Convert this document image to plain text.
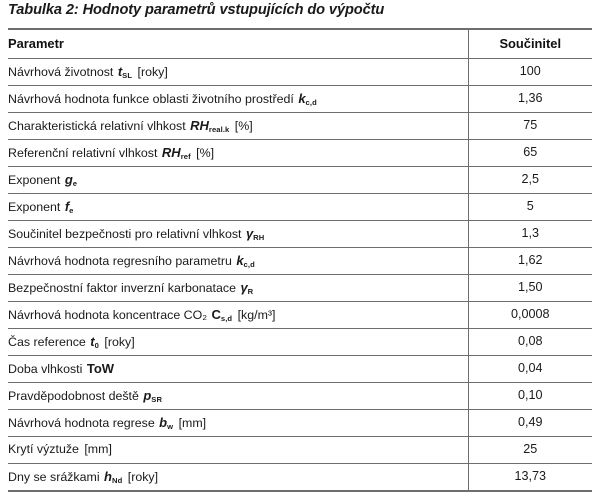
Tabulka 2: Hodnoty parametrů vstupujících do výpočtu
Parametr	Součinitel
Návrhová životnost $t_{SL}$ [roky]	100
Návrhová hodnota funkce oblasti životního prostředí $k_{c,d}$	1,36
Charakteristická relativní vlhkost $RH_{real.k}$ [%]	75
Referenční relativní vlhkost $RH_{ref}$ [%]	65
Exponent $g_e$	2,5
Exponent $f_e$	5
Součinitel bezpečnosti pro relativní vlhkost $\gamma_{RH}$	1,3
Návrhová hodnota regresního parametru $k_{c,d}$	1,62
Bezpečnostní faktor inverzní karbonatace $\gamma_R$	1,50
Návrhová hodnota koncentrace CO₂ $C_{s,d}$ [kg/m³]	0,0008
Čas reference $t_0$ [roky]	0,08
Doba vlhkosti ToW	0,04
Pravděpodobnost deště $p_{SR}$	0,10
Návrhová hodnota regrese $b_w$ [mm]	0,49
Krytí výztuže [mm]	25
Dny se srážkami $h_{Nd}$ [roky]	13,73
